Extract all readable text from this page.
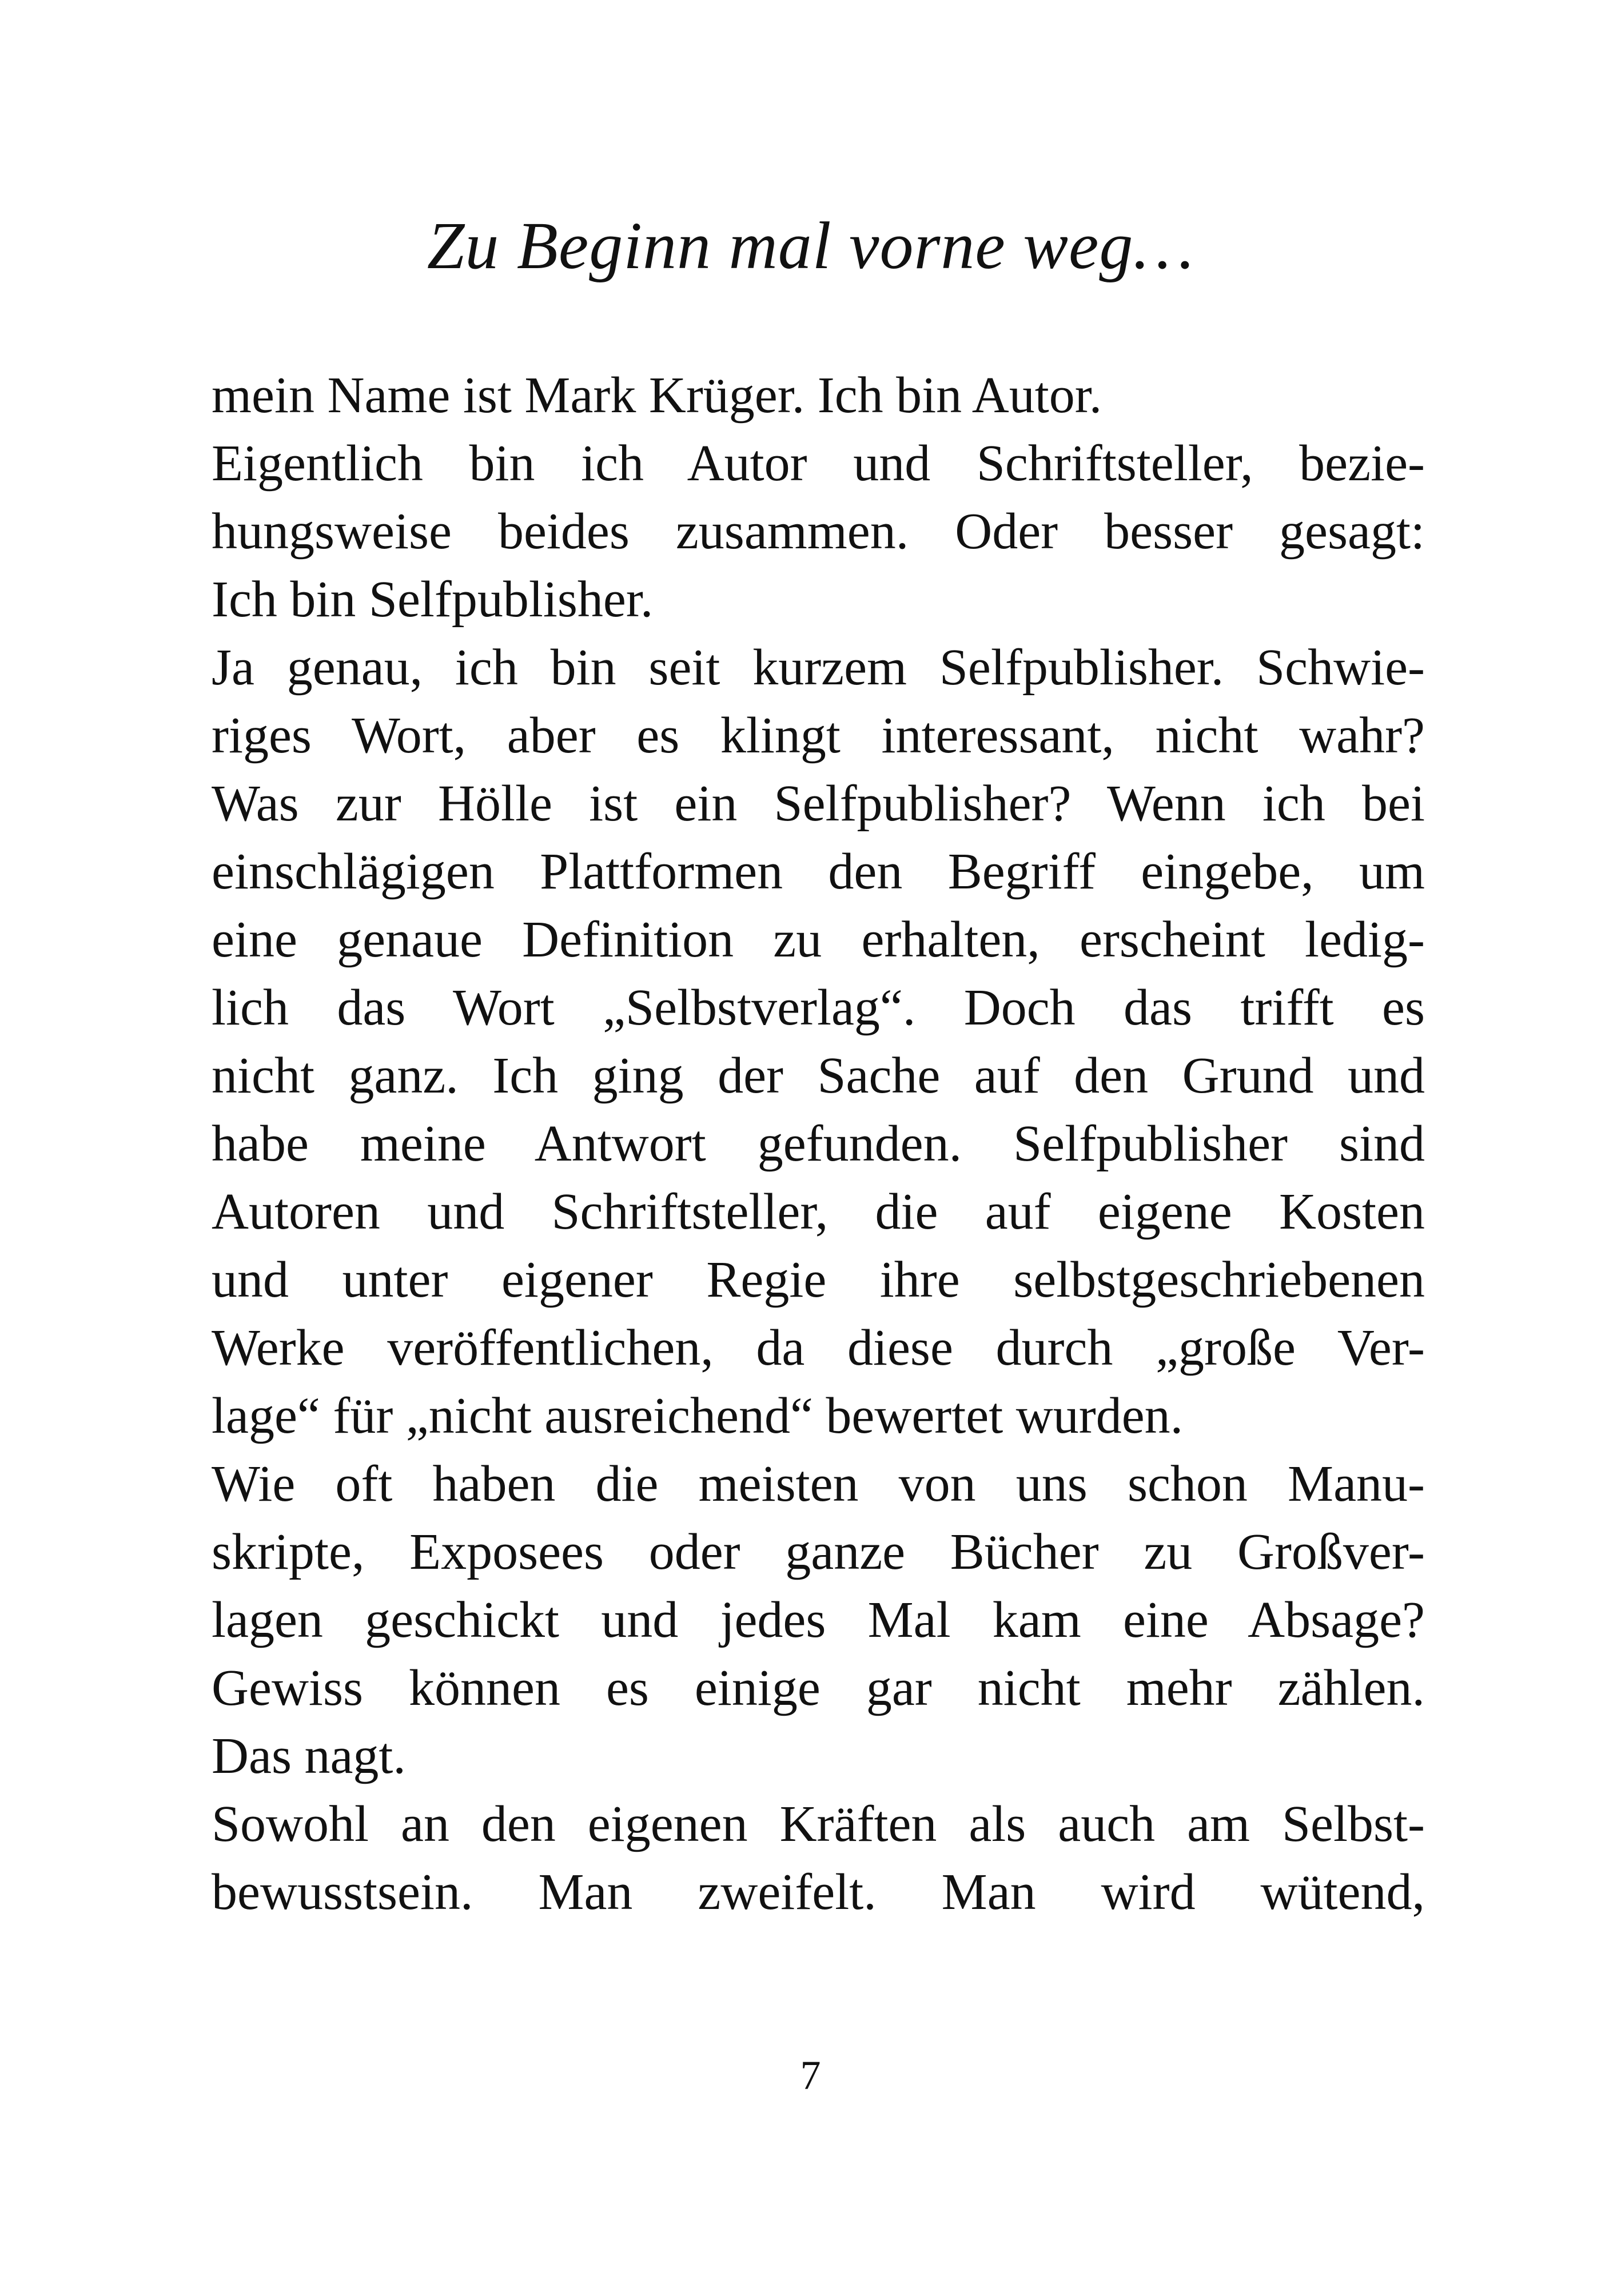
Zu Beginn mal vorne weg…
mein Name ist Mark Krüger. Ich bin Autor.
Eigentlich bin ich Autor und Schriftsteller, bezie-
hungsweise beides zusammen. Oder besser gesagt:
Ich bin Selfpublisher.
Ja genau, ich bin seit kurzem Selfpublisher. Schwie-
riges Wort, aber es klingt interessant, nicht wahr?
Was zur Hölle ist ein Selfpublisher? Wenn ich bei
einschlägigen Plattformen den Begriff eingebe, um
eine genaue Definition zu erhalten, erscheint ledig-
lich das Wort „Selbstverlag“. Doch das trifft es
nicht ganz. Ich ging der Sache auf den Grund und
habe meine Antwort gefunden. Selfpublisher sind
Autoren und Schriftsteller, die auf eigene Kosten
und unter eigener Regie ihre selbstgeschriebenen
Werke veröffentlichen, da diese durch „große Ver-
lage“ für „nicht ausreichend“ bewertet wurden.
Wie oft haben die meisten von uns schon Manu-
skripte, Exposees oder ganze Bücher zu Großver-
lagen geschickt und jedes Mal kam eine Absage?
Gewiss können es einige gar nicht mehr zählen.
Das nagt.
Sowohl an den eigenen Kräften als auch am Selbst-
bewusstsein. Man zweifelt. Man wird wütend,
7
